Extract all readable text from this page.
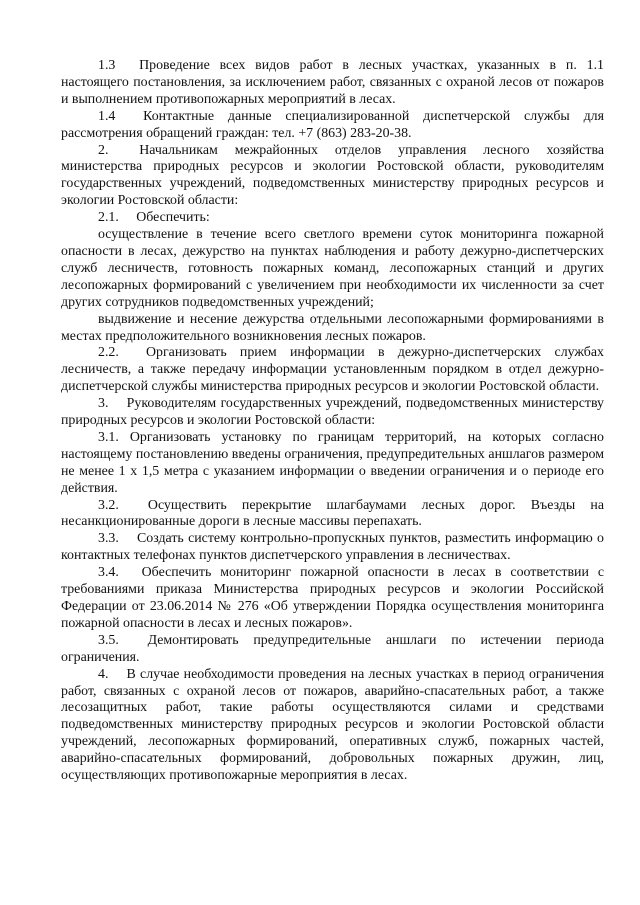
1.3  Проведение всех видов работ в лесных участках, указанных в п. 1.1 настоящего постановления, за исключением работ, связанных с охраной лесов от пожаров и выполнением противопожарных мероприятий в лесах.

1.4  Контактные данные специализированной диспетчерской службы для рассмотрения обращений граждан: тел. +7 (863) 283-20-38.

2.  Начальникам межрайонных отделов управления лесного хозяйства министерства природных ресурсов и экологии Ростовской области, руководителям государственных учреждений, подведомственных министерству природных ресурсов и экологии Ростовской области:

2.1.  Обеспечить:

осуществление в течение всего светлого времени суток мониторинга пожарной опасности в лесах, дежурство на пунктах наблюдения и работу дежурно-диспетчерских служб лесничеств, готовность пожарных команд, лесопожарных станций и других лесопожарных формирований с увеличением при необходимости их численности за счет других сотрудников подведомственных учреждений;

выдвижение и несение дежурства отдельными лесопожарными формированиями в местах предположительного возникновения лесных пожаров.

2.2.  Организовать прием информации в дежурно-диспетчерских службах лесничеств, а также передачу информации установленным порядком в отдел дежурно-диспетчерской службы министерства природных ресурсов и экологии Ростовской области.

3.  Руководителям государственных учреждений, подведомственных министерству природных ресурсов и экологии Ростовской области:

3.1. Организовать установку по границам территорий, на которых согласно настоящему постановлению введены ограничения, предупредительных аншлагов размером не менее 1 х 1,5 метра с указанием информации о введении ограничения и о периоде его действия.

3.2.  Осуществить перекрытие шлагбаумами лесных дорог. Въезды на несанкционированные дороги в лесные массивы перепахать.

3.3.  Создать систему контрольно-пропускных пунктов, разместить информацию о контактных телефонах пунктов диспетчерского управления в лесничествах.

3.4.  Обеспечить мониторинг пожарной опасности в лесах в соответствии с требованиями приказа Министерства природных ресурсов и экологии Российской Федерации от 23.06.2014 № 276 «Об утверждении Порядка осуществления мониторинга пожарной опасности в лесах и лесных пожаров».

3.5.  Демонтировать предупредительные аншлаги по истечении периода ограничения.

4.  В случае необходимости проведения на лесных участках в период ограничения работ, связанных с охраной лесов от пожаров, аварийно-спасательных работ, а также лесозащитных работ, такие работы осуществляются силами и средствами подведомственных министерству природных ресурсов и экологии Ростовской области учреждений, лесопожарных формирований, оперативных служб, пожарных частей, аварийно-спасательных формирований, добровольных пожарных дружин, лиц, осуществляющих противопожарные мероприятия в лесах.
